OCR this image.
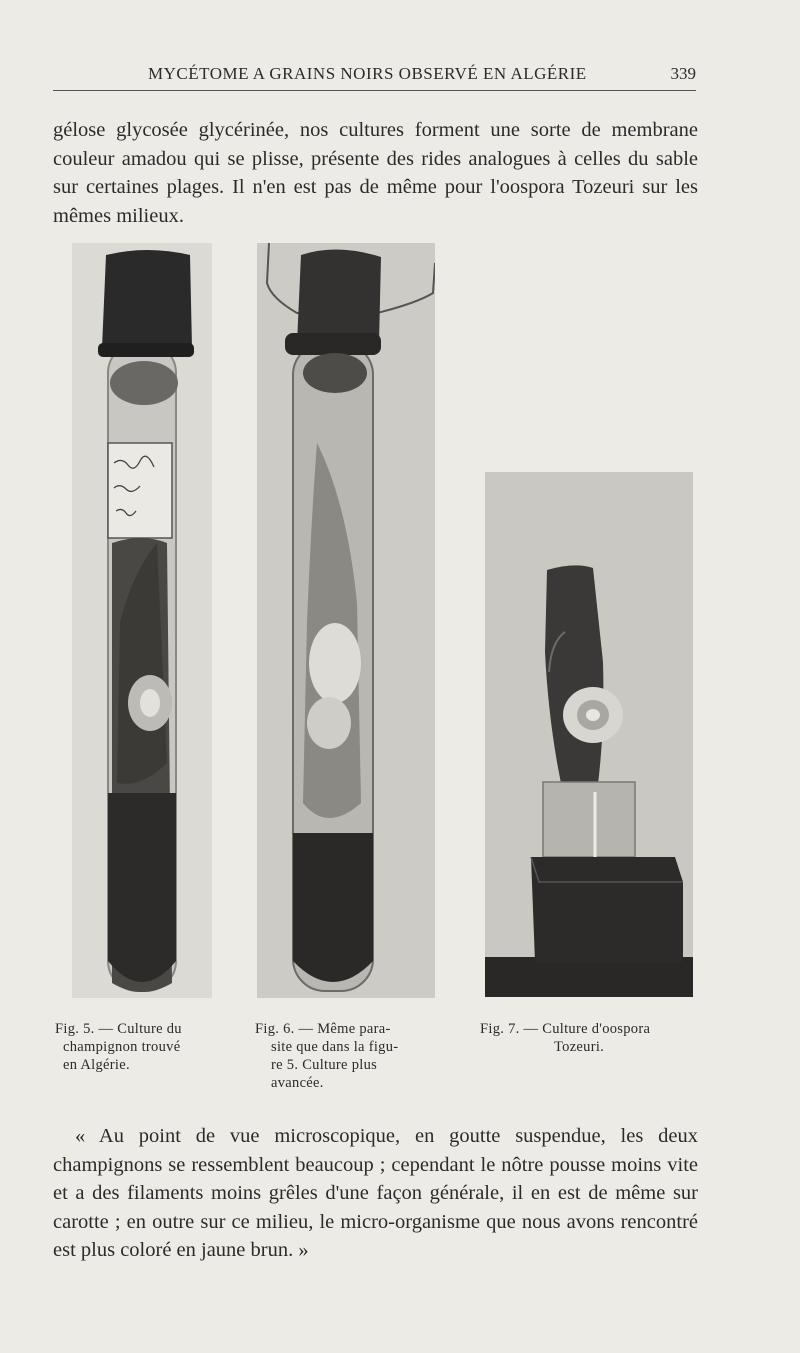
MYCÉTOME A GRAINS NOIRS OBSERVÉ EN ALGÉRIE	339
gélose glycosée glycérinée, nos cultures forment une sorte de membrane couleur amadou qui se plisse, présente des rides analogues à celles du sable sur certaines plages. Il n'en est pas de même pour l'oospora Tozeuri sur les mêmes milieux.
Fig. 5. — Culture du
champignon trouvé
en Algérie.
Fig. 6. — Même para-
site que dans la figu-
re 5. Culture plus
avancée.
Fig. 7. — Culture d'oospora
Tozeuri.
« Au point de vue microscopique, en goutte suspendue, les deux champignons se ressemblent beaucoup ; cependant le nôtre pousse moins vite et a des filaments moins grêles d'une façon générale, il en est de même sur carotte ; en outre sur ce milieu, le micro-organisme que nous avons rencontré est plus coloré en jaune brun. »
